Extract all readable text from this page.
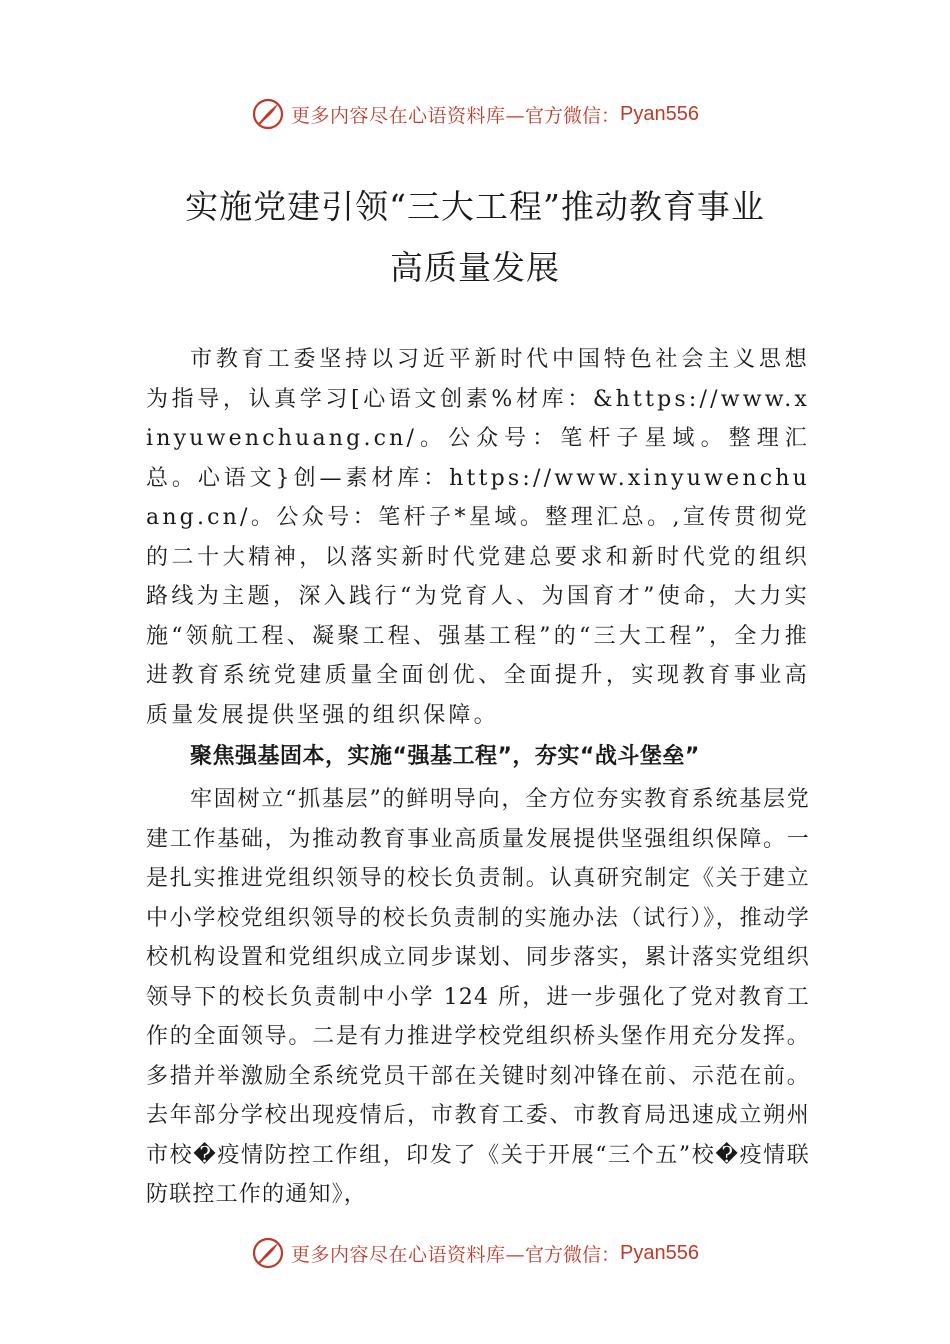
更多内容尽在心语资料库— 官方微信： Pyan556
实施党建引领“三大工程”推动教育事业
高质量发展

市教育工委坚持以习近平新时代中国特色社会主义思想为指导，认真学习[心语文创素%材库：&https://www.xinyuwenchuang.cn/。公众号：笔杆子星域。整理汇总。心语文}创—素材库：https://www.xinyuwenchuang.cn/。公众号：笔杆子*星域。整理汇总。,宣传贯彻党的二十大精神，以落实新时代党建总要求和新时代党的组织路线为主题，深入践行“为党育人、为国育才”使命，大力实施“领航工程、凝聚工程、强基工程”的“三大工程”，全力推进教育系统党建质量全面创优、全面提升，实现教育事业高质量发展提供坚强的组织保障。

聚焦强基固本，实施“强基工程”，夯实“战斗堡垒”

牢固树立“抓基层”的鲜明导向，全方位夯实教育系统基层党建工作基础，为推动教育事业高质量发展提供坚强组织保障。一是扎实推进党组织领导的校长负责制。认真研究制定《关于建立中小学校党组织领导的校长负责制的实施办法（试行）》，推动学校机构设置和党组织成立同步谋划、同步落实，累计落实党组织领导下的校长负责制中小学 124 所，进一步强化了党对教育工作的全面领导。二是有力推进学校党组织桥头堡作用充分发挥。多措并举激励全系统党员干部在关键时刻冲锋在前、示范在前。去年部分学校出现疫情后，市教育工委、市教育局迅速成立朔州市校�疫情防控工作组，印发了《关于开展“三个五”校�疫情联防联控工作的通知》，

更多内容尽在心语资料库— 官方微信： Pyan556
